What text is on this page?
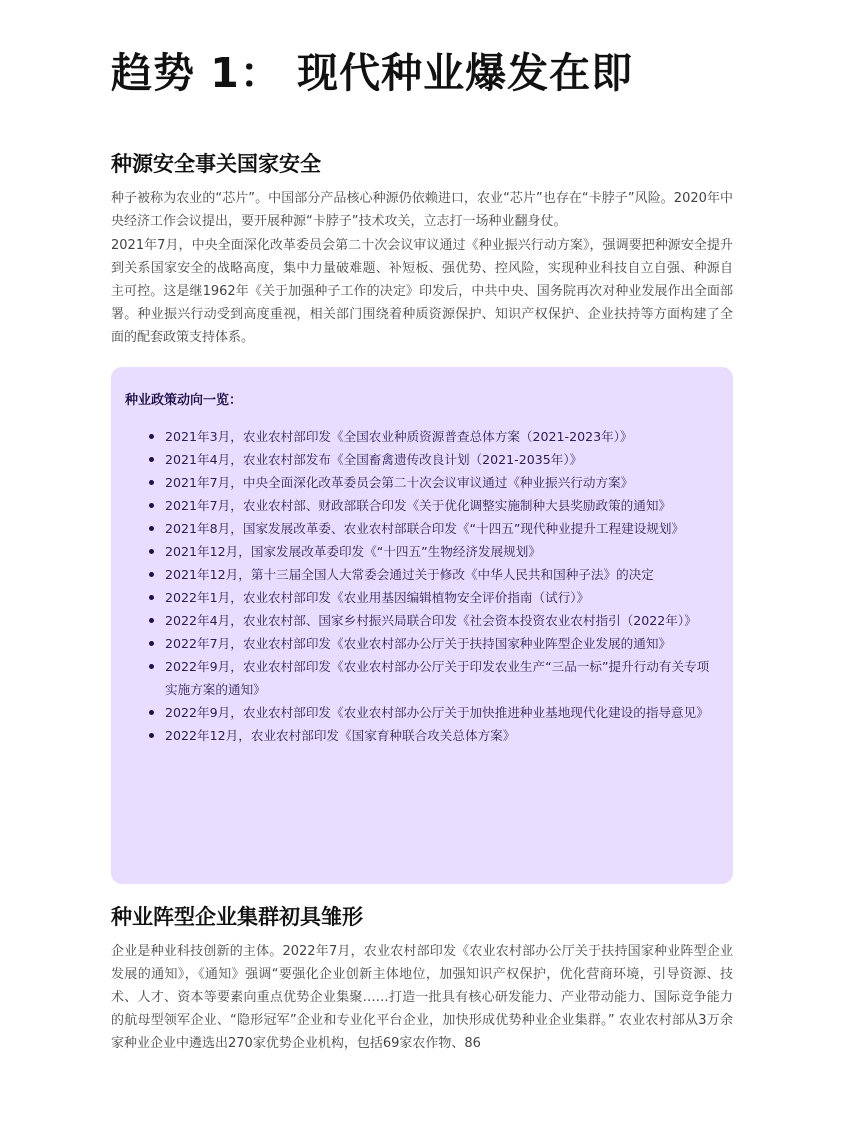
趋势 1： 现代种业爆发在即
种源安全事关国家安全

种子被称为农业的“芯片”。中国部分产品核心种源仍依赖进口，农业“芯片”也存在“卡脖子”风险。2020年中央经济工作会议提出，要开展种源“卡脖子”技术攻关，立志打一场种业翻身仗。

2021年7月，中央全面深化改革委员会第二十次会议审议通过《种业振兴行动方案》，强调要把种源安全提升到关系国家安全的战略高度，集中力量破难题、补短板、强优势、控风险，实现种业科技自立自强、种源自主可控。这是继1962年《关于加强种子工作的决定》印发后，中共中央、国务院再次对种业发展作出全面部署。种业振兴行动受到高度重视，相关部门围绕着种质资源保护、知识产权保护、企业扶持等方面构建了全面的配套政策支持体系。

种业政策动向一览：
2021年3月，农业农村部印发《全国农业种质资源普查总体方案（2021-2023年）》
2021年4月，农业农村部发布《全国畜禽遗传改良计划（2021-2035年）》
2021年7月，中央全面深化改革委员会第二十次会议审议通过《种业振兴行动方案》
2021年7月，农业农村部、财政部联合印发《关于优化调整实施制种大县奖励政策的通知》
2021年8月，国家发展改革委、农业农村部联合印发《“十四五”现代种业提升工程建设规划》
2021年12月，国家发展改革委印发《“十四五”生物经济发展规划》
2021年12月，第十三届全国人大常委会通过关于修改《中华人民共和国种子法》的决定
2022年1月，农业农村部印发《农业用基因编辑植物安全评价指南（试行）》
2022年4月，农业农村部、国家乡村振兴局联合印发《社会资本投资农业农村指引（2022年）》
2022年7月，农业农村部印发《农业农村部办公厅关于扶持国家种业阵型企业发展的通知》
2022年9月，农业农村部印发《农业农村部办公厅关于印发农业生产“三品一标”提升行动有关专项实施方案的通知》
2022年9月，农业农村部印发《农业农村部办公厅关于加快推进种业基地现代化建设的指导意见》
2022年12月，农业农村部印发《国家育种联合攻关总体方案》
种业阵型企业集群初具雏形

企业是种业科技创新的主体。2022年7月，农业农村部印发《农业农村部办公厅关于扶持国家种业阵型企业发展的通知》，《通知》强调“要强化企业创新主体地位，加强知识产权保护，优化营商环境，引导资源、技术、人才、资本等要素向重点优势企业集聚……打造一批具有核心研发能力、产业带动能力、国际竞争能力的航母型领军企业、“隐形冠军”企业和专业化平台企业，加快形成优势种业企业集群。” 农业农村部从3万余家种业企业中遴选出270家优势企业机构，包括69家农作物、86
